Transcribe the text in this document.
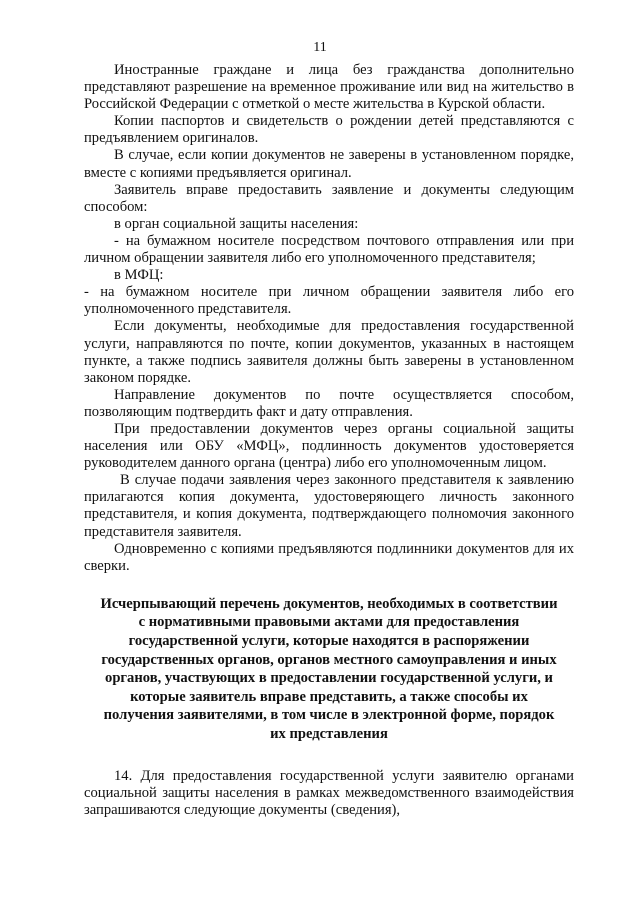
11

Иностранные граждане и лица без гражданства дополнительно представляют разрешение на временное проживание или вид на жительство в Российской Федерации с отметкой о месте жительства в Курской области.

Копии паспортов и свидетельств о рождении детей представляются с предъявлением оригиналов.

В случае, если копии документов не заверены в установленном порядке, вместе с копиями предъявляется оригинал.

Заявитель вправе предоставить заявление и документы следующим способом:

в орган социальной защиты населения:

- на бумажном носителе посредством почтового отправления или при личном обращении заявителя либо его уполномоченного представителя;

в МФЦ:

- на бумажном носителе при личном обращении заявителя либо его уполномоченного представителя.

Если документы, необходимые для предоставления государственной услуги, направляются по почте, копии документов, указанных в настоящем пункте, а также подпись заявителя должны быть заверены в установленном законом порядке.

Направление документов по почте осуществляется способом, позволяющим подтвердить факт и дату отправления.

При предоставлении документов через органы социальной защиты населения или ОБУ «МФЦ», подлинность документов удостоверяется руководителем данного органа (центра) либо его уполномоченным лицом.

В случае подачи заявления через законного представителя к заявлению прилагаются копия документа, удостоверяющего личность законного представителя, и копия документа, подтверждающего полномочия законного представителя заявителя.

Одновременно с копиями предъявляются подлинники документов для их сверки.

Исчерпывающий перечень документов, необходимых в соответствии с нормативными правовыми актами для предоставления государственной услуги, которые находятся в распоряжении государственных органов, органов местного самоуправления и иных органов, участвующих в предоставлении государственной услуги, и которые заявитель вправе представить, а также способы их получения заявителями, в том числе в электронной форме, порядок их представления

14. Для предоставления государственной услуги заявителю органами социальной защиты населения в рамках межведомственного взаимодействия запрашиваются следующие документы (сведения),
